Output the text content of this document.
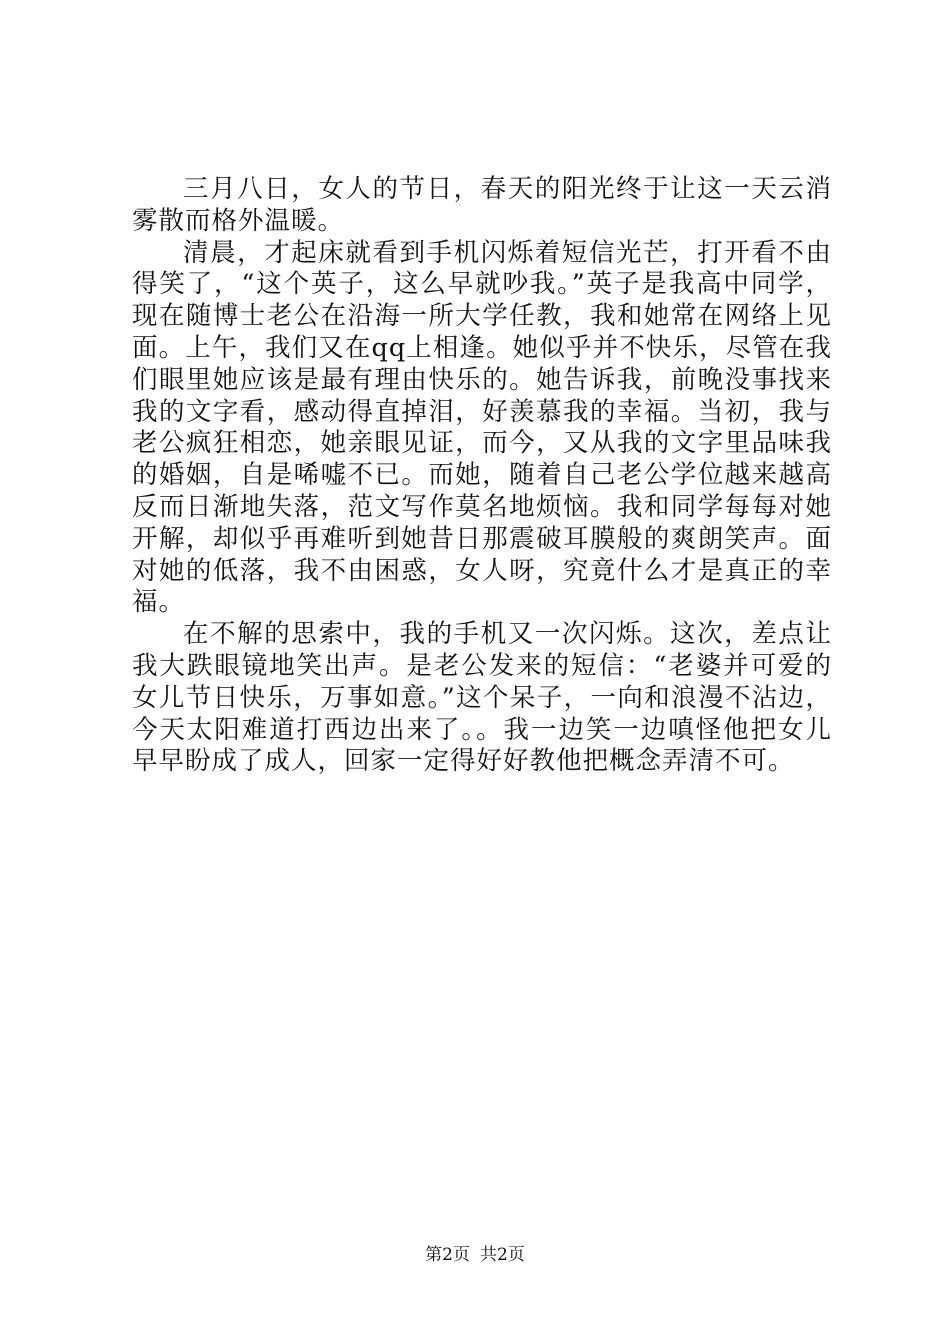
三月八日，女人的节日，春天的阳光终于让这一天云消雾散而格外温暖。

清晨，才起床就看到手机闪烁着短信光芒，打开看不由得笑了，“这个英子，这么早就吵我。”英子是我高中同学，现在随博士老公在沿海一所大学任教，我和她常在网络上见面。上午，我们又在qq上相逢。她似乎并不快乐，尽管在我们眼里她应该是最有理由快乐的。她告诉我，前晚没事找来我的文字看，感动得直掉泪，好羡慕我的幸福。当初，我与老公疯狂相恋，她亲眼见证，而今，又从我的文字里品味我的婚姻，自是唏嘘不已。而她，随着自己老公学位越来越高反而日渐地失落，范文写作莫名地烦恼。我和同学每每对她开解，却似乎再难听到她昔日那震破耳膜般的爽朗笑声。面对她的低落，我不由困惑，女人呀，究竟什么才是真正的幸福。

在不解的思索中，我的手机又一次闪烁。这次，差点让我大跌眼镜地笑出声。是老公发来的短信：“老婆并可爱的女儿节日快乐，万事如意。”这个呆子，一向和浪漫不沾边，今天太阳难道打西边出来了。。我一边笑一边嗔怪他把女儿早早盼成了成人，回家一定得好好教他把概念弄清不可。

第2页 共2页
